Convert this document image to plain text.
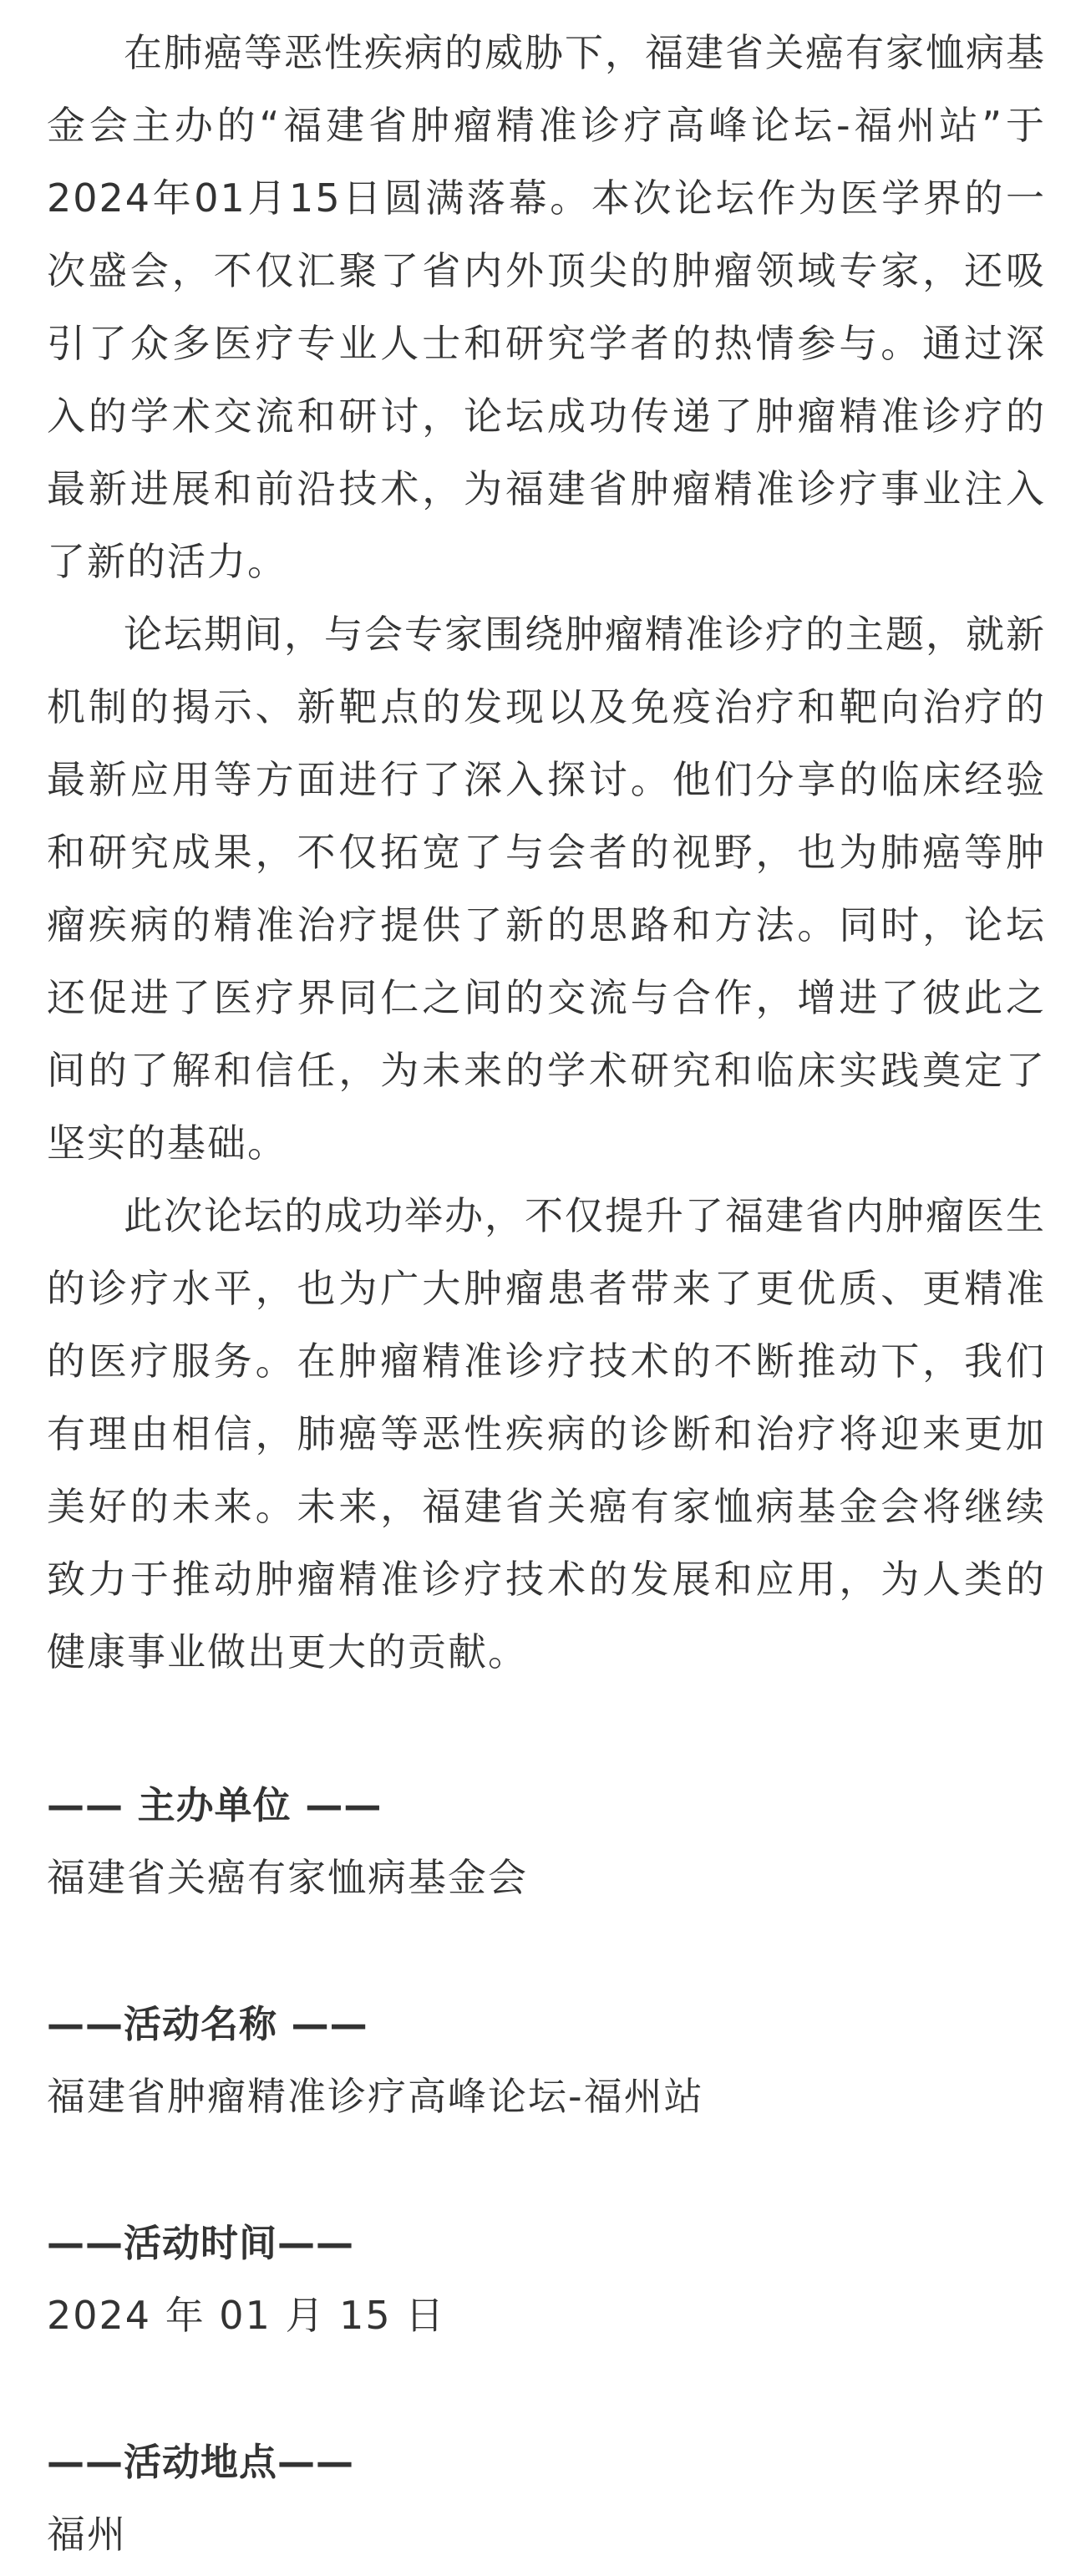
在肺癌等恶性疾病的威胁下，福建省关癌有家恤病基金会主办的“福建省肿瘤精准诊疗高峰论坛-福州站”于2024年01月15日圆满落幕。本次论坛作为医学界的一次盛会，不仅汇聚了省内外顶尖的肿瘤领域专家，还吸引了众多医疗专业人士和研究学者的热情参与。通过深入的学术交流和研讨，论坛成功传递了肿瘤精准诊疗的最新进展和前沿技术，为福建省肿瘤精准诊疗事业注入了新的活力。

论坛期间，与会专家围绕肿瘤精准诊疗的主题，就新机制的揭示、新靶点的发现以及免疫治疗和靶向治疗的最新应用等方面进行了深入探讨。他们分享的临床经验和研究成果，不仅拓宽了与会者的视野，也为肺癌等肿瘤疾病的精准治疗提供了新的思路和方法。同时，论坛还促进了医疗界同仁之间的交流与合作，增进了彼此之间的了解和信任，为未来的学术研究和临床实践奠定了坚实的基础。

此次论坛的成功举办，不仅提升了福建省内肿瘤医生的诊疗水平，也为广大肿瘤患者带来了更优质、更精准的医疗服务。在肿瘤精准诊疗技术的不断推动下，我们有理由相信，肺癌等恶性疾病的诊断和治疗将迎来更加美好的未来。未来，福建省关癌有家恤病基金会将继续致力于推动肿瘤精准诊疗技术的发展和应用，为人类的健康事业做出更大的贡献。

—— 主办单位 ——

福建省关癌有家恤病基金会

——活动名称 ——

福建省肿瘤精准诊疗高峰论坛-福州站

——活动时间——

2024 年 01 月 15 日

——活动地点——

福州
